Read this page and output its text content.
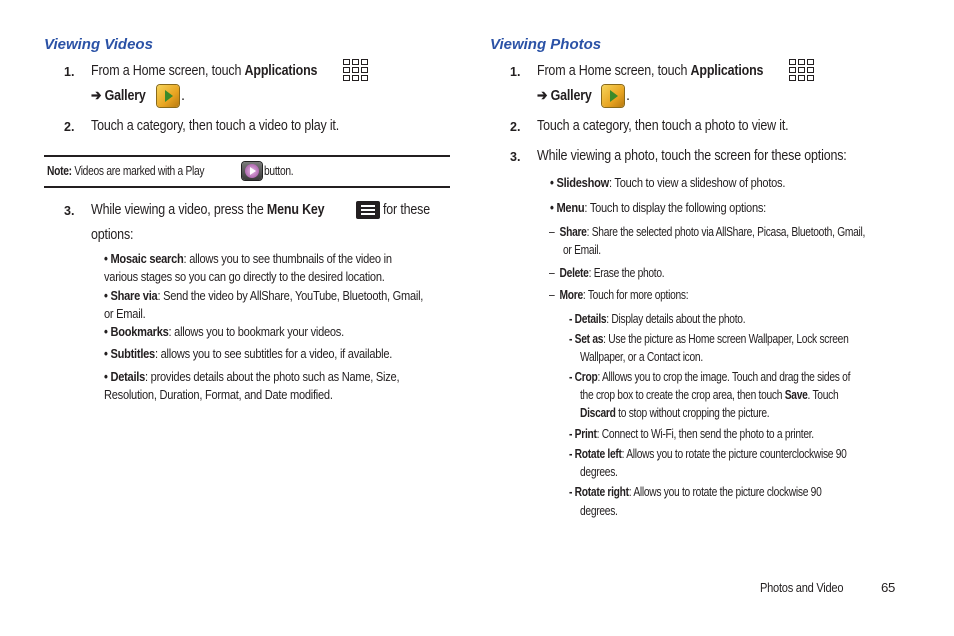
Viewing Videos
1. From a Home screen, touch Applications
➔ Gallery .
2. Touch a category, then touch a video to play it.
Note: Videos are marked with a Play	button.
3. While viewing a video, press the Menu Key	for these
options:
• Mosaic search: allows you to see thumbnails of the video in
various stages so you can go directly to the desired location.
• Share via: Send the video by AllShare, YouTube, Bluetooth, Gmail,
or Email.
• Bookmarks: allows you to bookmark your videos.
• Subtitles: allows you to see subtitles for a video, if available.
• Details: provides details about the photo such as Name, Size,
Resolution, Duration, Format, and Date modified.
Viewing Photos
1. From a Home screen, touch Applications
➔ Gallery .
2. Touch a category, then touch a photo to view it.
3. While viewing a photo, touch the screen for these options:
• Slideshow: Touch to view a slideshow of photos.
• Menu: Touch to display the following options:
– Share: Share the selected photo via AllShare, Picasa, Bluetooth, Gmail,
or Email.
– Delete: Erase the photo.
– More: Touch for more options:
- Details: Display details about the photo.
- Set as: Use the picture as Home screen Wallpaper, Lock screen
Wallpaper, or a Contact icon.
- Crop: Alllows you to crop the image. Touch and drag the sides of
the crop box to create the crop area, then touch Save. Touch
Discard to stop without cropping the picture.
- Print: Connect to Wi-Fi, then send the photo to a printer.
- Rotate left: Allows you to rotate the picture counterclockwise 90
degrees.
- Rotate right: Allows you to rotate the picture clockwise 90
degrees.
Photos and Video	65
